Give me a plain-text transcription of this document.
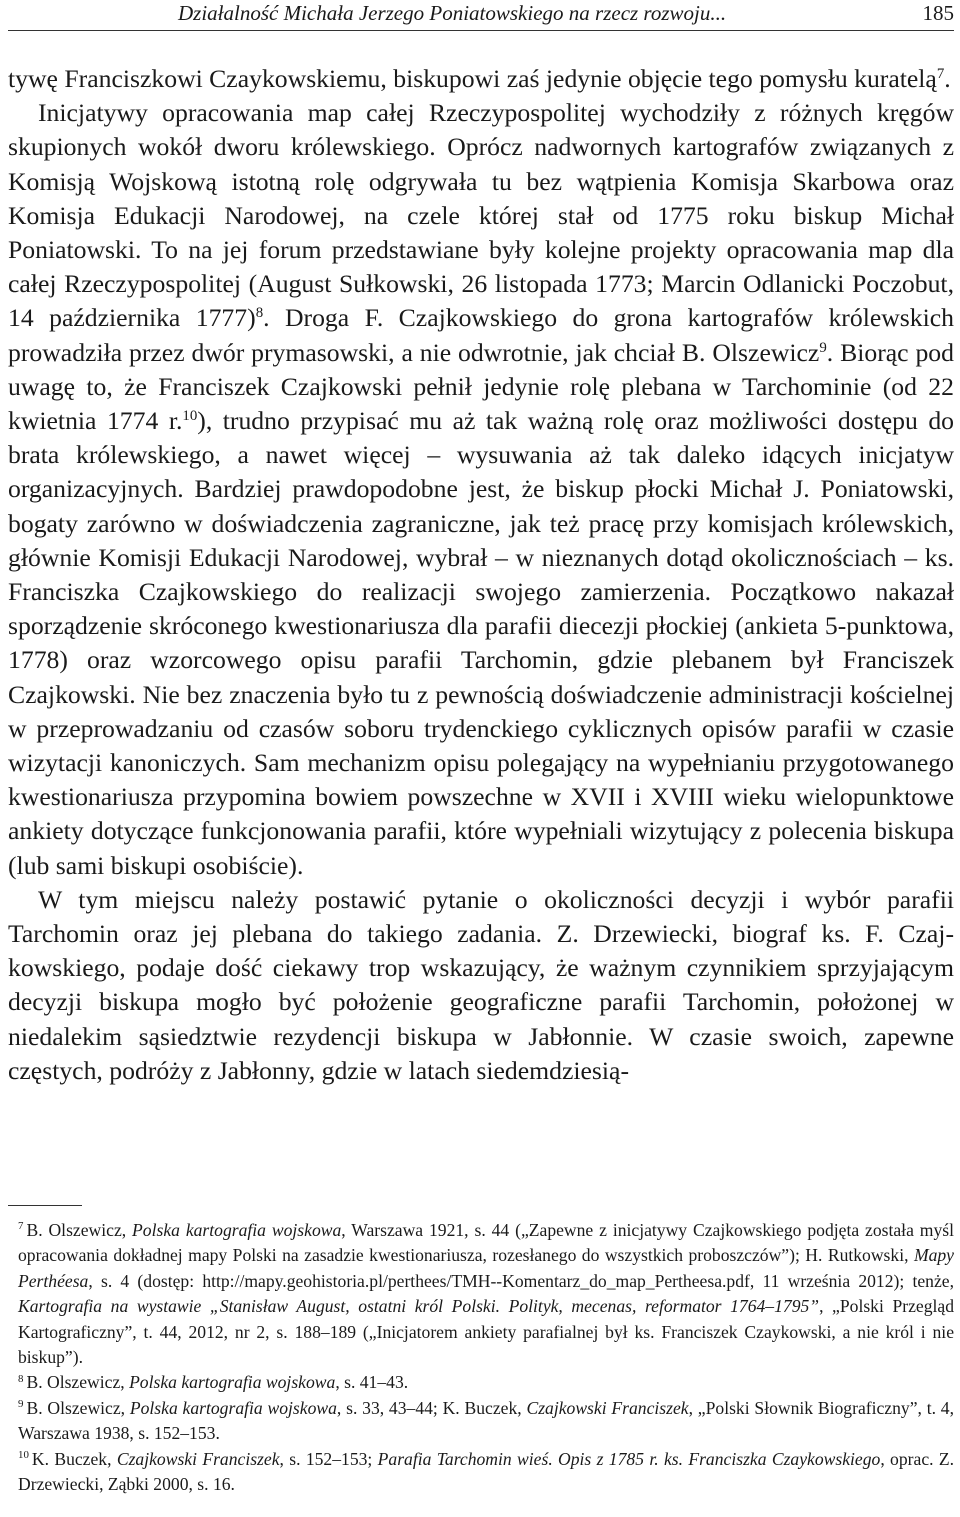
Działalność Michała Jerzego Poniatowskiego na rzecz rozwoju...	185

tywę Franciszkowi Czaykowskiemu, biskupowi zaś jedynie objęcie tego pomysłu kuratelą$^7$.

Inicjatywy opracowania map całej Rzeczypospolitej wychodziły z różnych kręgów skupionych wokół dworu królewskiego. Oprócz nadwornych kartografów związanych z Komisją Wojskową istotną rolę odgrywała tu bez wątpienia Komisja Skarbowa oraz Komisja Edukacji Narodowej, na czele której stał od 1775 roku biskup Michał Poniatowski. To na jej forum przedstawiane były kolejne projekty opracowania map dla całej Rzeczypospolitej (August Sułkowski, 26 listopada 1773; Marcin Odlanicki Poczobut, 14 października 1777)$^8$. Droga F. Czajkowskiego do grona kartografów królewskich prowadziła przez dwór prymasowski, a nie odwrotnie, jak chciał B. Olszewicz$^9$. Biorąc pod uwagę to, że Franciszek Czajkowski pełnił jedynie rolę plebana w Tarchominie (od 22 kwietnia 1774 r.$^{10}$), trudno przypisać mu aż tak ważną rolę oraz możliwości dostępu do brata królewskiego, a nawet więcej – wysuwania aż tak daleko idących inicjatyw organizacyjnych. Bardziej prawdopodobne jest, że biskup płocki Michał J. Poniatowski, bogaty zarówno w doświadczenia zagraniczne, jak też pracę przy komisjach królewskich, głównie Komisji Edukacji Narodowej, wybrał – w nieznanych dotąd okolicznościach – ks. Franciszka Czajkowskiego do realizacji swojego zamierzenia. Początkowo nakazał sporządzenie skróconego kwestionariusza dla parafii diecezji płockiej (ankieta 5-punktowa, 1778) oraz wzorcowego opisu parafii Tarchomin, gdzie plebanem był Franciszek Czajkowski. Nie bez znaczenia było tu z pewnością doświadczenie administracji kościelnej w przeprowadzaniu od czasów soboru trydenckiego cyklicznych opisów parafii w czasie wizytacji kanoniczych. Sam mechanizm opisu polegający na wypełnianiu przygotowanego kwestionariusza przypomina bowiem powszechne w XVII i XVIII wieku wielopunktowe ankiety dotyczące funkcjonowania parafii, które wypełniali wizytujący z polecenia biskupa (lub sami biskupi osobiście).

W tym miejscu należy postawić pytanie o okoliczności decyzji i wybór parafii Tarchomin oraz jej plebana do takiego zadania. Z. Drzewiecki, biograf ks. F. Czajkowskiego, podaje dość ciekawy trop wskazujący, że ważnym czynnikiem sprzyjającym decyzji biskupa mogło być położenie geograficzne parafii Tarchomin, położonej w niedalekim sąsiedztwie rezydencji biskupa w Jabłonnie. W czasie swoich, zapewne częstych, podróży z Jabłonny, gdzie w latach siedemdziesią-

$^7$ B. Olszewicz, Polska kartografia wojskowa, Warszawa 1921, s. 44 („Zapewne z inicjatywy Czajkowskiego podjęta została myśl opracowania dokładnej mapy Polski na zasadzie kwestionariusza, rozesłanego do wszystkich proboszczów”); H. Rutkowski, Mapy Perthéesa, s. 4 (dostęp: http://mapy.geohistoria.pl/perthees/TMH-⁠-Komentarz_do_map_Pertheesa.pdf, 11 września 2012); tenże, Kartografia na wystawie „Stanisław August, ostatni król Polski. Polityk, mecenas, reformator 1764–1795”, „Polski Przegląd Kartograficzny”, t. 44, 2012, nr 2, s. 188–189 („Inicjatorem ankiety parafialnej był ks. Franciszek Czaykowski, a nie król i nie biskup”).

$^8$ B. Olszewicz, Polska kartografia wojskowa, s. 41–43.

$^9$ B. Olszewicz, Polska kartografia wojskowa, s. 33, 43–44; K. Buczek, Czajkowski Franciszek, „Polski Słownik Biograficzny”, t. 4, Warszawa 1938, s. 152–153.

$^{10}$ K. Buczek, Czajkowski Franciszek, s. 152–153; Parafia Tarchomin wieś. Opis z 1785 r. ks. Franciszka Czaykowskiego, oprac. Z. Drzewiecki, Ząbki 2000, s. 16.
